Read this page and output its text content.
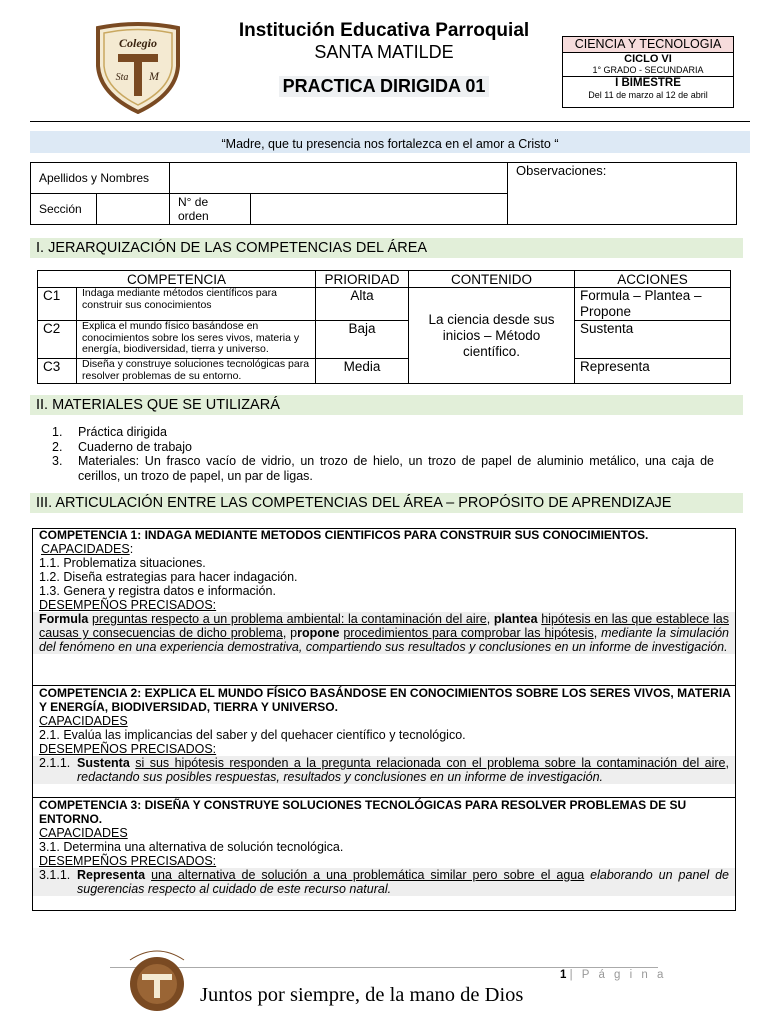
Colegio
Sta M
Institución Educativa Parroquial
SANTA MATILDE
PRACTICA DIRIGIDA 01
CIENCIA Y TECNOLOGIA
CICLO VI
1° GRADO - SECUNDARIA
I BIMESTRE
Del 11 de marzo al 12 de abril
“Madre, que tu presencia nos fortalezca en el amor a Cristo “
Apellidos y Nombres				Observaciones:
Sección		N° de orden		
I. JERARQUIZACIÓN DE LAS COMPETENCIAS DEL ÁREA
COMPETENCIA		PRIORIDAD	CONTENIDO	ACCIONES
C1	Indaga mediante métodos científicos para construir sus conocimientos	Alta	La ciencia desde sus inicios – Método científico.	Formula – Plantea – Propone
C2	Explica el mundo físico basándose en conocimientos sobre los seres vivos, materia y energía, biodiversidad, tierra y universo.	Baja		Sustenta
C3	Diseña y construye soluciones tecnológicas para resolver problemas de su entorno.	Media		Representa
II. MATERIALES QUE SE UTILIZARÁ
1.	Práctica dirigida
2.	Cuaderno de trabajo
3.	Materiales: Un frasco vacío de vidrio, un trozo de hielo, un trozo de papel de aluminio metálico, una caja de cerillos, un trozo de papel, un par de ligas.
III. ARTICULACIÓN ENTRE LAS COMPETENCIAS DEL ÁREA – PROPÓSITO DE APRENDIZAJE
COMPETENCIA 1: INDAGA MEDIANTE METODOS CIENTIFICOS PARA CONSTRUIR SUS CONOCIMIENTOS.
CAPACIDADES:
1.1. Problematiza situaciones.
1.2. Diseña estrategias para hacer indagación.
1.3. Genera y registra datos e información.
DESEMPEÑOS PRECISADOS:
Formula preguntas respecto a un problema ambiental: la contaminación del aire, plantea hipótesis en las que establece las causas y consecuencias de dicho problema, propone procedimientos para comprobar las hipótesis, mediante la simulación del fenómeno en una experiencia demostrativa, compartiendo sus resultados y conclusiones en un informe de investigación.
COMPETENCIA 2: EXPLICA EL MUNDO FÍSICO BASÁNDOSE EN CONOCIMIENTOS SOBRE LOS SERES VIVOS, MATERIA Y ENERGÍA, BIODIVERSIDAD, TIERRA Y UNIVERSO.
CAPACIDADES
2.1. Evalúa las implicancias del saber y del quehacer científico y tecnológico.
DESEMPEÑOS PRECISADOS:
2.1.1. Sustenta si sus hipótesis responden a la pregunta relacionada con el problema sobre la contaminación del aire, redactando sus posibles respuestas, resultados y conclusiones en un informe de investigación.
COMPETENCIA 3: DISEÑA Y CONSTRUYE SOLUCIONES TECNOLÓGICAS PARA RESOLVER PROBLEMAS DE SU ENTORNO.
CAPACIDADES
3.1. Determina una alternativa de solución tecnológica.
DESEMPEÑOS PRECISADOS:
3.1.1. Representa una alternativa de solución a una problemática similar pero sobre el agua elaborando un panel de sugerencias respecto al cuidado de este recurso natural.
1 | P á g i n a
Juntos por siempre, de la mano de Dios
